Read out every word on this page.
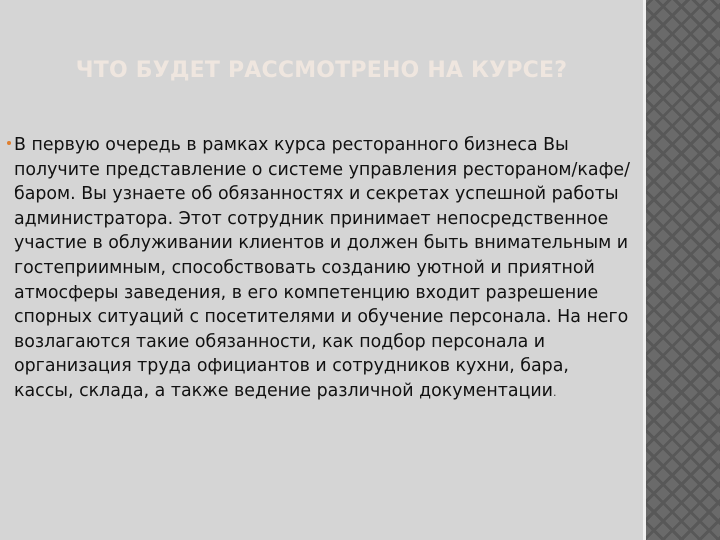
ЧТО БУДЕТ РАССМОТРЕНО НА КУРСЕ?

В первую очередь в рамках курса ресторанного бизнеса Вы получите представление о системе управления рестораном/кафе/баром. Вы узнаете об обязанностях и секретах успешной работы администратора. Этот сотрудник принимает непосредственное участие в облуживании клиентов и должен быть внимательным и гостеприимным, способствовать созданию уютной и приятной атмосферы заведения, в его компетенцию входит разрешение спорных ситуаций с посетителями и обучение персонала. На него возлагаются такие обязанности, как подбор персонала и организация труда официантов и сотрудников кухни, бара, кассы, склада, а также ведение различной документации.
